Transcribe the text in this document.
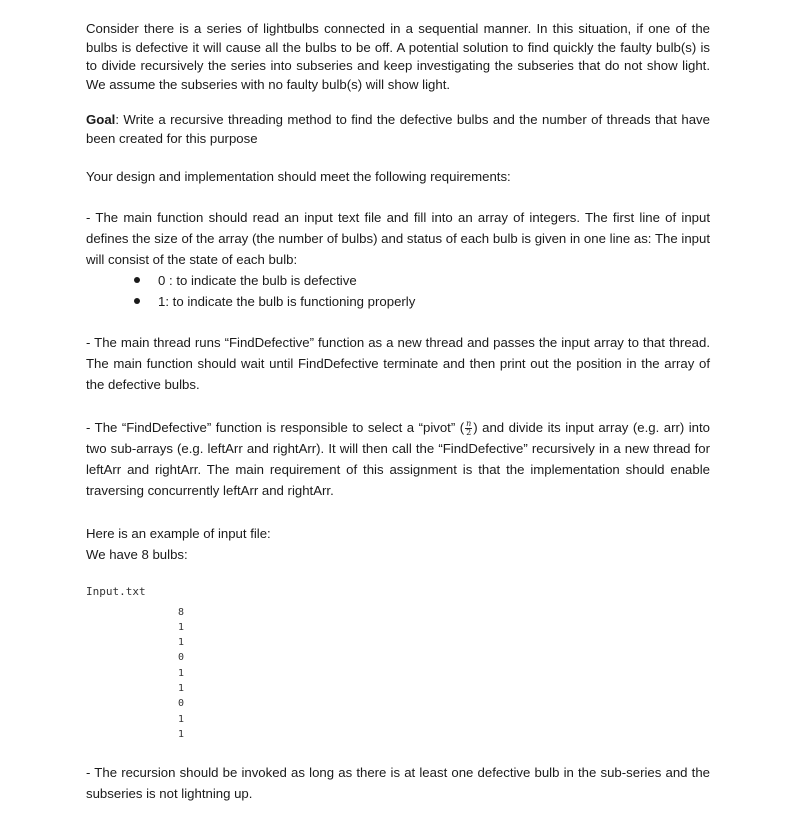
Consider there is a series of lightbulbs connected in a sequential manner. In this situation, if one of the bulbs is defective it will cause all the bulbs to be off. A potential solution to find quickly the faulty bulb(s) is to divide recursively the series into subseries and keep investigating the subseries that do not show light. We assume the subseries with no faulty bulb(s) will show light.

Goal: Write a recursive threading method to find the defective bulbs and the number of threads that have been created for this purpose

Your design and implementation should meet the following requirements:

- The main function should read an input text file and fill into an array of integers. The first line of input defines the size of the array (the number of bulbs) and status of each bulb is given in one line as: The input will consist of the state of each bulb:

0 : to indicate the bulb is defective
1: to indicate the bulb is functioning properly

- The main thread runs “FindDefective” function as a new thread and passes the input array to that thread. The main function should wait until FindDefective terminate and then print out the position in the array of the defective bulbs.

- The “FindDefective” function is responsible to select a “pivot” ( $\frac{n}{2}$ ) and divide its input array (e.g. arr) into two sub-arrays (e.g. leftArr and rightArr). It will then call the “FindDefective” recursively in a new thread for leftArr and rightArr. The main requirement of this assignment is that the implementation should enable traversing concurrently leftArr and rightArr.

Here is an example of input file:

We have 8 bulbs:

Input.txt

8
1
1
0
1
1
0
1
1

- The recursion should be invoked as long as there is at least one defective bulb in the sub-series and the subseries is not lightning up.
